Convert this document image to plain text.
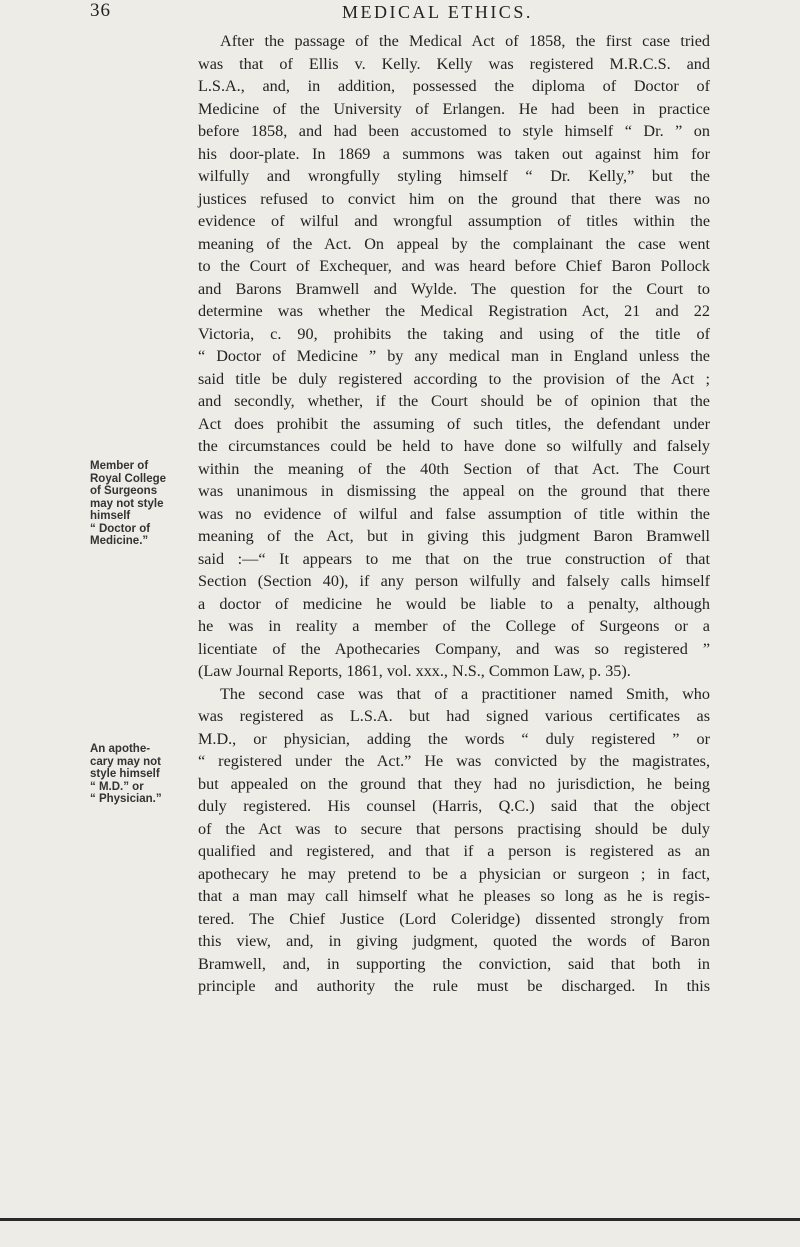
36	MEDICAL ETHICS.
Member of
Royal College
of Surgeons
may not style
himself
“ Doctor of
Medicine.”
An apothe-
cary may not
style himself
“ M.D.” or
“ Physician.”
After the passage of the Medical Act of 1858, the first case tried
was that of Ellis v. Kelly. Kelly was registered M.R.C.S. and
L.S.A., and, in addition, possessed the diploma of Doctor of
Medicine of the University of Erlangen. He had been in practice
before 1858, and had been accustomed to style himself “ Dr. ” on
his door-plate. In 1869 a summons was taken out against him for
wilfully and wrongfully styling himself “ Dr. Kelly,” but the
justices refused to convict him on the ground that there was no
evidence of wilful and wrongful assumption of titles within the
meaning of the Act. On appeal by the complainant the case went
to the Court of Exchequer, and was heard before Chief Baron Pollock
and Barons Bramwell and Wylde. The question for the Court to
determine was whether the Medical Registration Act, 21 and 22
Victoria, c. 90, prohibits the taking and using of the title of
“ Doctor of Medicine ” by any medical man in England unless the
said title be duly registered according to the provision of the Act ;
and secondly, whether, if the Court should be of opinion that the
Act does prohibit the assuming of such titles, the defendant under
the circumstances could be held to have done so wilfully and falsely
within the meaning of the 40th Section of that Act. The Court
was unanimous in dismissing the appeal on the ground that there
was no evidence of wilful and false assumption of title within the
meaning of the Act, but in giving this judgment Baron Bramwell
said :—“ It appears to me that on the true construction of that
Section (Section 40), if any person wilfully and falsely calls himself
a doctor of medicine he would be liable to a penalty, although
he was in reality a member of the College of Surgeons or a
licentiate of the Apothecaries Company, and was so registered ”
(Law Journal Reports, 1861, vol. xxx., N.S., Common Law, p. 35).
The second case was that of a practitioner named Smith, who
was registered as L.S.A. but had signed various certificates as
M.D., or physician, adding the words “ duly registered ” or
“ registered under the Act.” He was convicted by the magistrates,
but appealed on the ground that they had no jurisdiction, he being
duly registered. His counsel (Harris, Q.C.) said that the object
of the Act was to secure that persons practising should be duly
qualified and registered, and that if a person is registered as an
apothecary he may pretend to be a physician or surgeon ; in fact,
that a man may call himself what he pleases so long as he is regis-
tered. The Chief Justice (Lord Coleridge) dissented strongly from
this view, and, in giving judgment, quoted the words of Baron
Bramwell, and, in supporting the conviction, said that both in
principle and authority the rule must be discharged. In this
